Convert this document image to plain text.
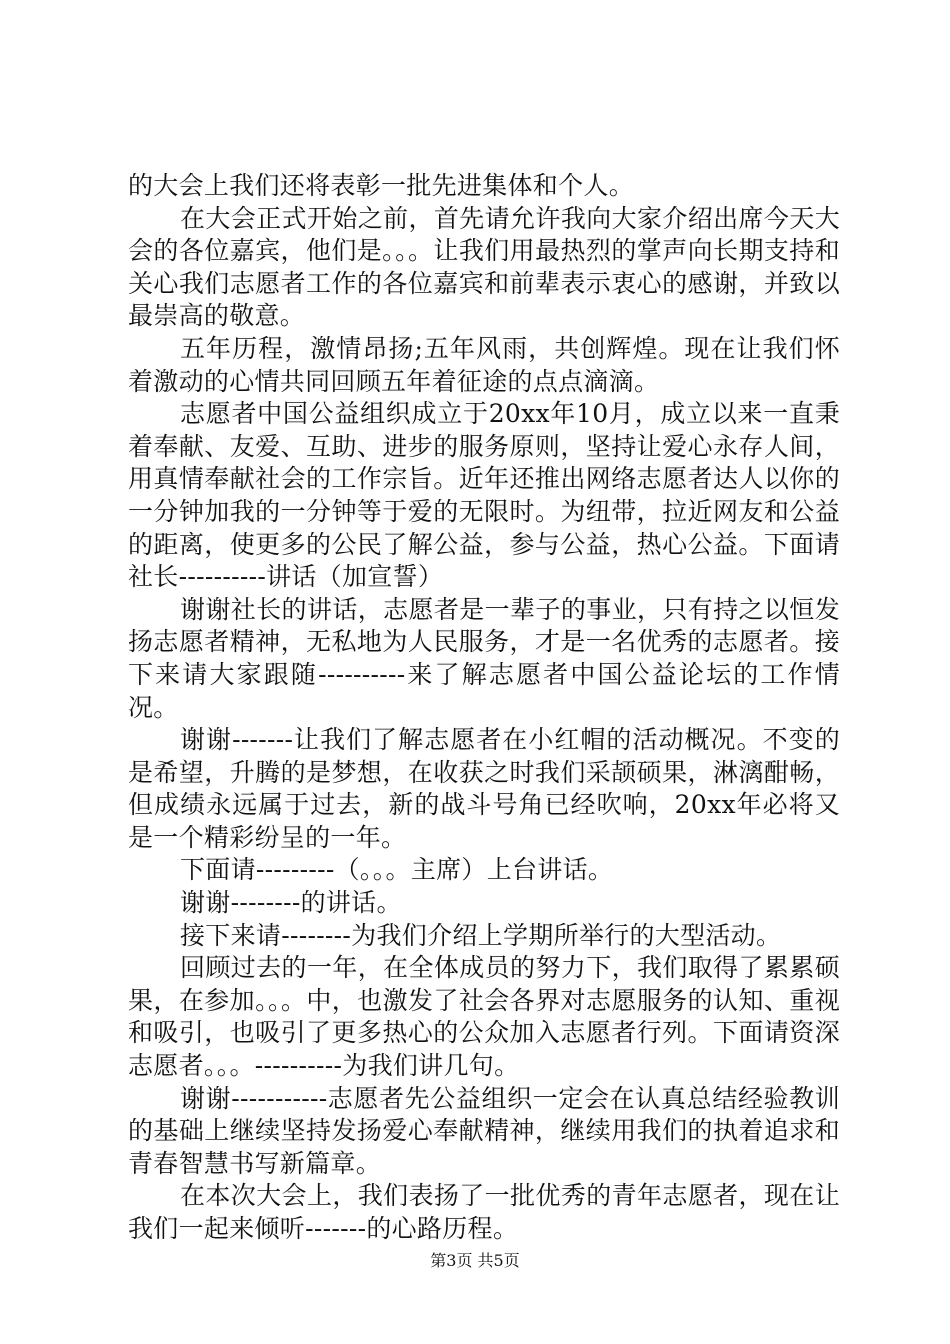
的大会上我们还将表彰一批先进集体和个人。

在大会正式开始之前，首先请允许我向大家介绍出席今天大会的各位嘉宾，他们是。。。让我们用最热烈的掌声向长期支持和关心我们志愿者工作的各位嘉宾和前辈表示衷心的感谢，并致以最崇高的敬意。

五年历程，激情昂扬;五年风雨，共创辉煌。现在让我们怀着激动的心情共同回顾五年着征途的点点滴滴。

志愿者中国公益组织成立于20xx年10月，成立以来一直秉着奉献、友爱、互助、进步的服务原则，坚持让爱心永存人间，用真情奉献社会的工作宗旨。近年还推出网络志愿者达人以你的一分钟加我的一分钟等于爱的无限时。为纽带，拉近网友和公益的距离，使更多的公民了解公益，参与公益，热心公益。下面请社长----------讲话（加宣誓）

谢谢社长的讲话，志愿者是一辈子的事业，只有持之以恒发扬志愿者精神，无私地为人民服务，才是一名优秀的志愿者。接下来请大家跟随----------来了解志愿者中国公益论坛的工作情况。

谢谢-------让我们了解志愿者在小红帽的活动概况。不变的是希望，升腾的是梦想，在收获之时我们采颉硕果，淋漓酣畅，但成绩永远属于过去，新的战斗号角已经吹响，20xx年必将又是一个精彩纷呈的一年。

下面请---------（。。。主席）上台讲话。

谢谢--------的讲话。

接下来请--------为我们介绍上学期所举行的大型活动。

回顾过去的一年，在全体成员的努力下，我们取得了累累硕果，在参加。。。中，也激发了社会各界对志愿服务的认知、重视和吸引，也吸引了更多热心的公众加入志愿者行列。下面请资深志愿者。。。----------为我们讲几句。

谢谢-----------志愿者先公益组织一定会在认真总结经验教训的基础上继续坚持发扬爱心奉献精神，继续用我们的执着追求和青春智慧书写新篇章。

在本次大会上，我们表扬了一批优秀的青年志愿者，现在让我们一起来倾听-------的心路历程。

第3页 共5页
